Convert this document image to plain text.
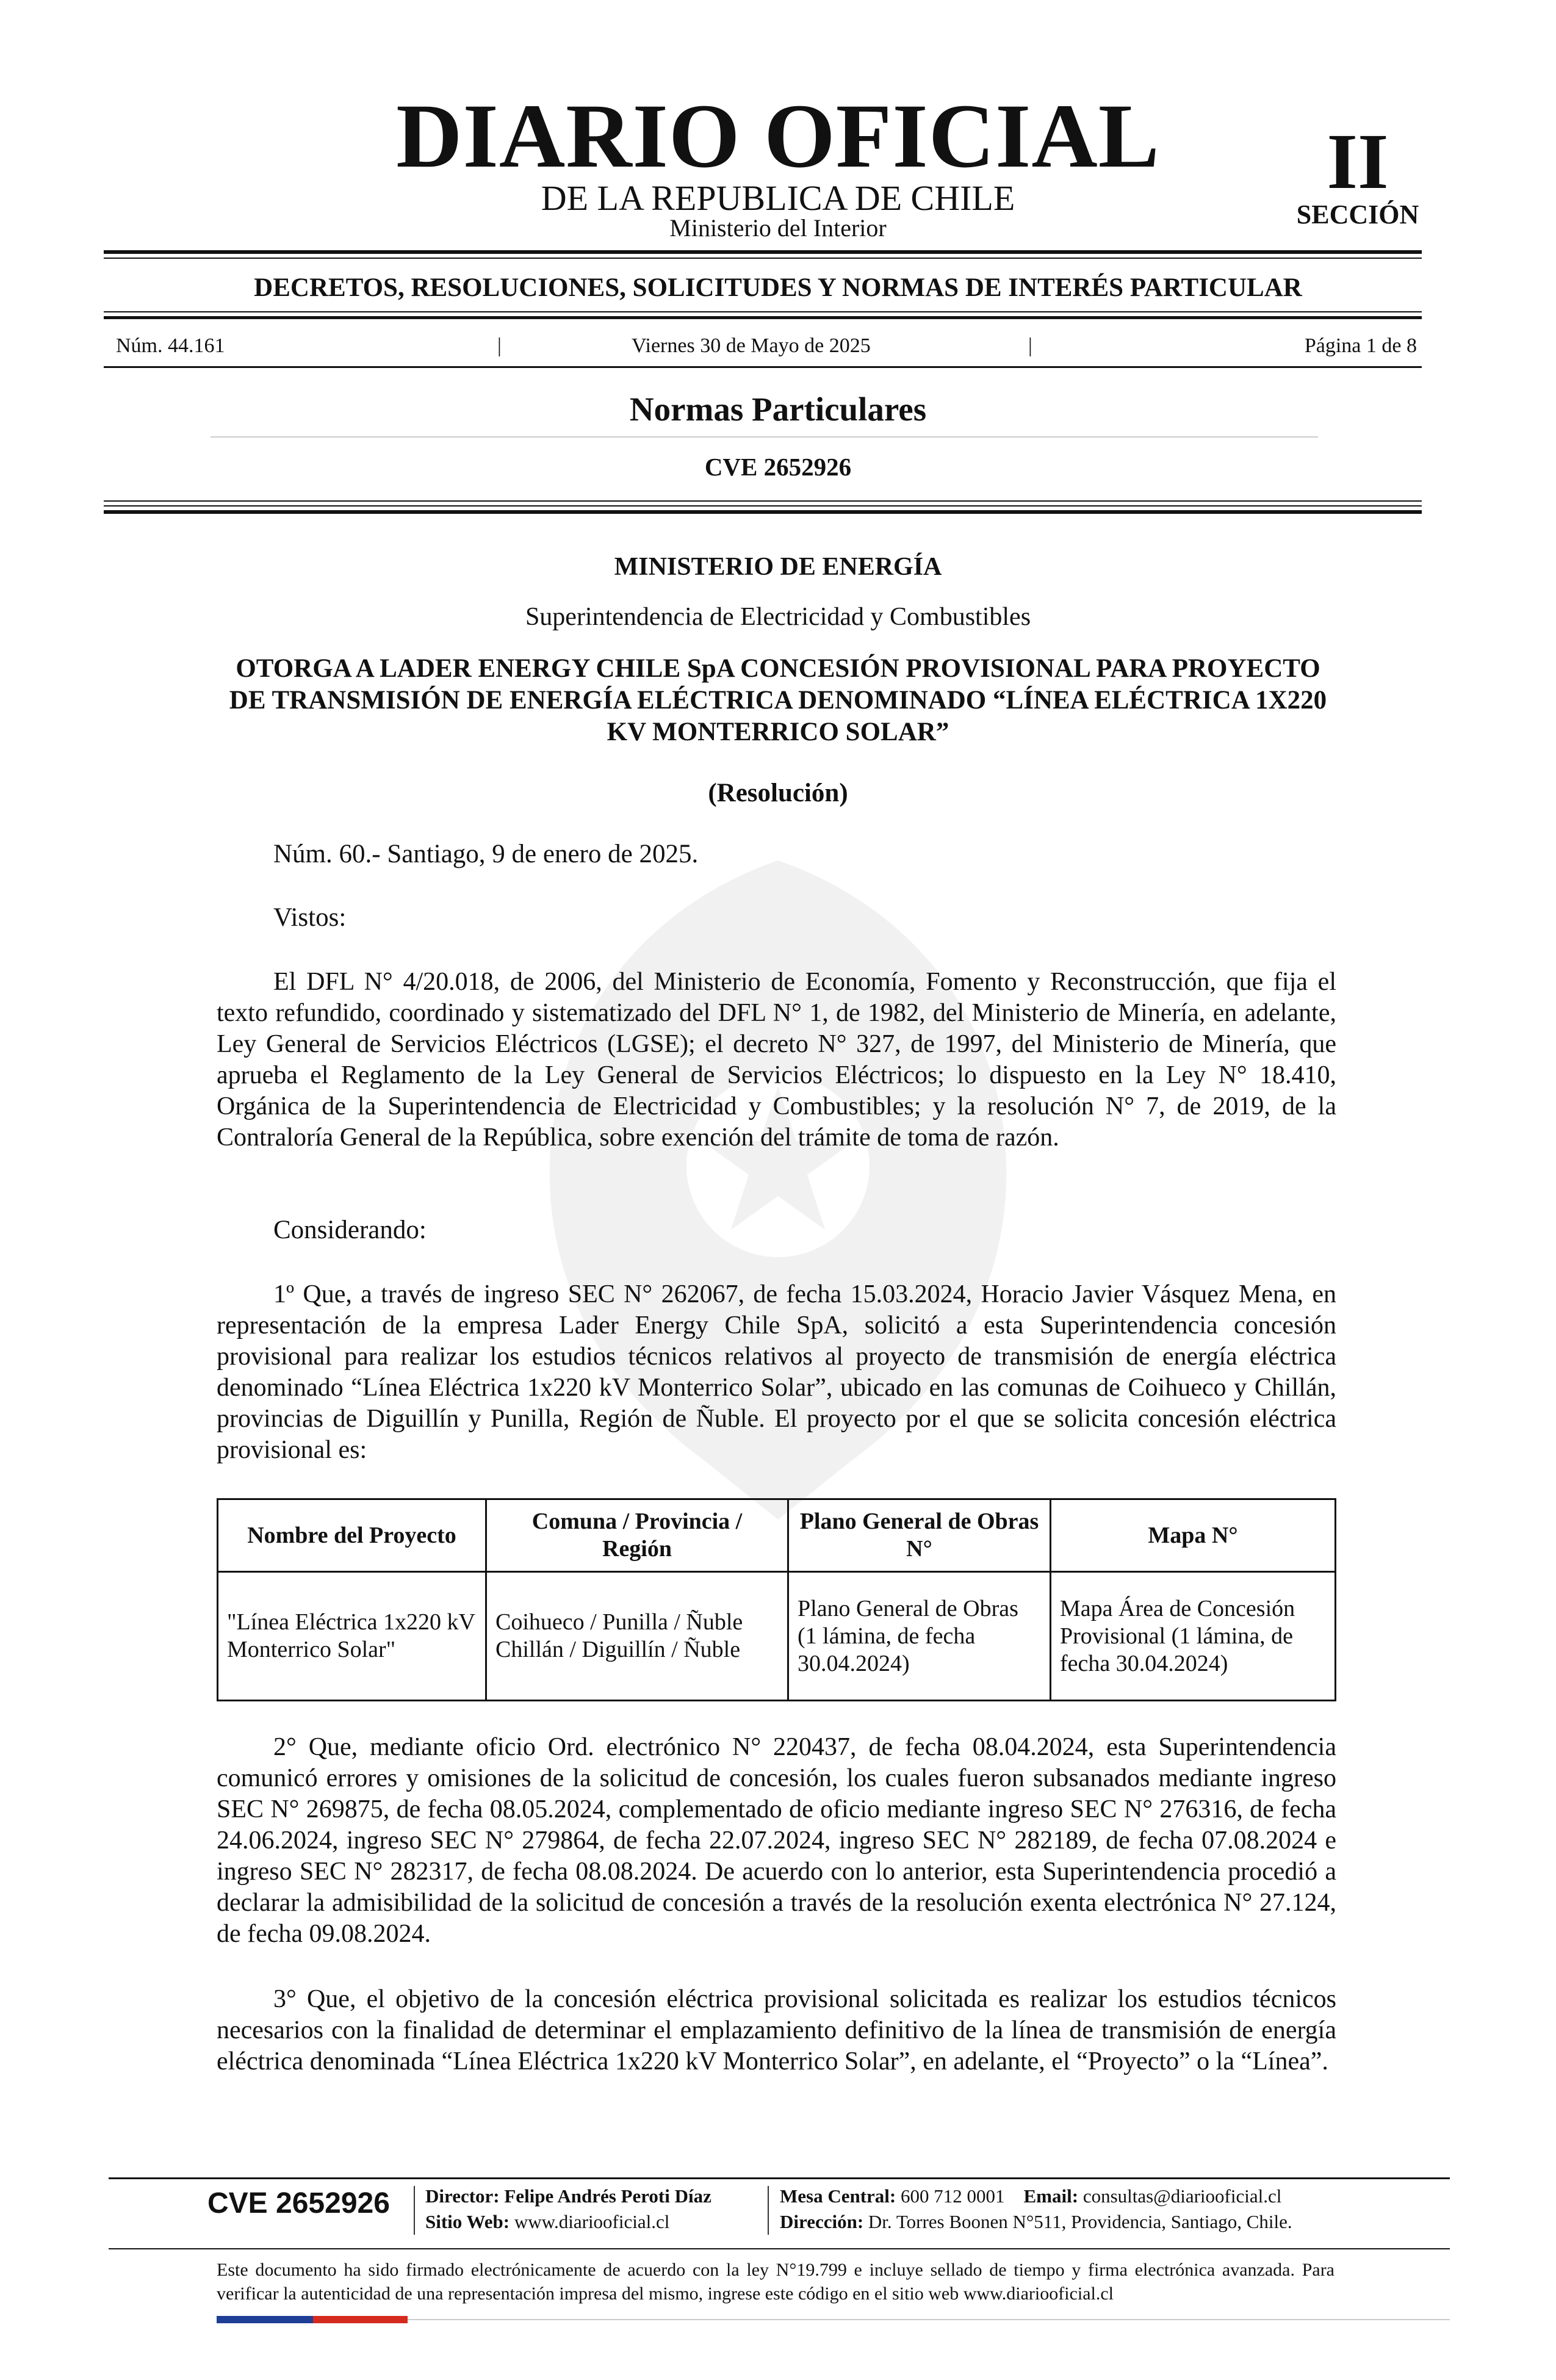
DIARIO OFICIAL
DE LA REPUBLICA DE CHILE
Ministerio del Interior
II
SECCIÓN
DECRETOS, RESOLUCIONES, SOLICITUDES Y NORMAS DE INTERÉS PARTICULAR
Núm. 44.161	|	Viernes 30 de Mayo de 2025	|	Página 1 de 8
Normas Particulares
CVE 2652926
MINISTERIO DE ENERGÍA
Superintendencia de Electricidad y Combustibles
OTORGA A LADER ENERGY CHILE SpA CONCESIÓN PROVISIONAL PARA PROYECTO DE TRANSMISIÓN DE ENERGÍA ELÉCTRICA DENOMINADO “LÍNEA ELÉCTRICA 1X220 KV MONTERRICO SOLAR”
(Resolución)
Núm. 60.- Santiago, 9 de enero de 2025.
Vistos:
El DFL N° 4/20.018, de 2006, del Ministerio de Economía, Fomento y Reconstrucción, que fija el texto refundido, coordinado y sistematizado del DFL N° 1, de 1982, del Ministerio de Minería, en adelante, Ley General de Servicios Eléctricos (LGSE); el decreto N° 327, de 1997, del Ministerio de Minería, que aprueba el Reglamento de la Ley General de Servicios Eléctricos; lo dispuesto en la Ley N° 18.410, Orgánica de la Superintendencia de Electricidad y Combustibles; y la resolución N° 7, de 2019, de la Contraloría General de la República, sobre exención del trámite de toma de razón.
Considerando:
1º Que, a través de ingreso SEC N° 262067, de fecha 15.03.2024, Horacio Javier Vásquez Mena, en representación de la empresa Lader Energy Chile SpA, solicitó a esta Superintendencia concesión provisional para realizar los estudios técnicos relativos al proyecto de transmisión de energía eléctrica denominado “Línea Eléctrica 1x220 kV Monterrico Solar”, ubicado en las comunas de Coihueco y Chillán, provincias de Diguillín y Punilla, Región de Ñuble. El proyecto por el que se solicita concesión eléctrica provisional es:
Nombre del Proyecto	Comuna / Provincia / Región	Plano General de Obras N°	Mapa N°
"Línea Eléctrica 1x220 kV Monterrico Solar"	Coihueco / Punilla / Ñuble Chillán / Diguillín / Ñuble	Plano General de Obras (1 lámina, de fecha 30.04.2024)	Mapa Área de Concesión Provisional (1 lámina, de fecha 30.04.2024)
2° Que, mediante oficio Ord. electrónico N° 220437, de fecha 08.04.2024, esta Superintendencia comunicó errores y omisiones de la solicitud de concesión, los cuales fueron subsanados mediante ingreso SEC N° 269875, de fecha 08.05.2024, complementado de oficio mediante ingreso SEC N° 276316, de fecha 24.06.2024, ingreso SEC N° 279864, de fecha 22.07.2024, ingreso SEC N° 282189, de fecha 07.08.2024 e ingreso SEC N° 282317, de fecha 08.08.2024. De acuerdo con lo anterior, esta Superintendencia procedió a declarar la admisibilidad de la solicitud de concesión a través de la resolución exenta electrónica N° 27.124, de fecha 09.08.2024.
3° Que, el objetivo de la concesión eléctrica provisional solicitada es realizar los estudios técnicos necesarios con la finalidad de determinar el emplazamiento definitivo de la línea de transmisión de energía eléctrica denominada “Línea Eléctrica 1x220 kV Monterrico Solar”, en adelante, el “Proyecto” o la “Línea”.
CVE 2652926	Director: Felipe Andrés Peroti Díaz
Sitio Web: www.diariooficial.cl
Mesa Central: 600 712 0001 Email: consultas@diariooficial.cl
Dirección: Dr. Torres Boonen N°511, Providencia, Santiago, Chile.
Este documento ha sido firmado electrónicamente de acuerdo con la ley N°19.799 e incluye sellado de tiempo y firma electrónica avanzada. Para verificar la autenticidad de una representación impresa del mismo, ingrese este código en el sitio web www.diariooficial.cl
